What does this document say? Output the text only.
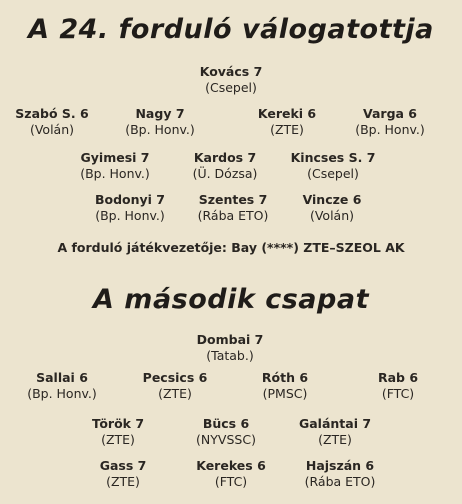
A 24. forduló válogatottja
Kovács 7
(Csepel)
Szabó S. 6
(Volán)
Nagy 7
(Bp. Honv.)
Kereki 6
(ZTE)
Varga 6
(Bp. Honv.)
Gyimesi 7
(Bp. Honv.)
Kardos 7
(Ü. Dózsa)
Kincses S. 7
(Csepel)
Bodonyi 7
(Bp. Honv.)
Szentes 7
(Rába ETO)
Vincze 6
(Volán)
A forduló játékvezetője: Bay (****) ZTE–SZEOL AK
A második csapat
Dombai 7
(Tatab.)
Sallai 6
(Bp. Honv.)
Pecsics 6
(ZTE)
Róth 6
(PMSC)
Rab 6
(FTC)
Török 7
(ZTE)
Bücs 6
(NYVSSC)
Galántai 7
(ZTE)
Gass 7
(ZTE)
Kerekes 6
(FTC)
Hajszán 6
(Rába ETO)
